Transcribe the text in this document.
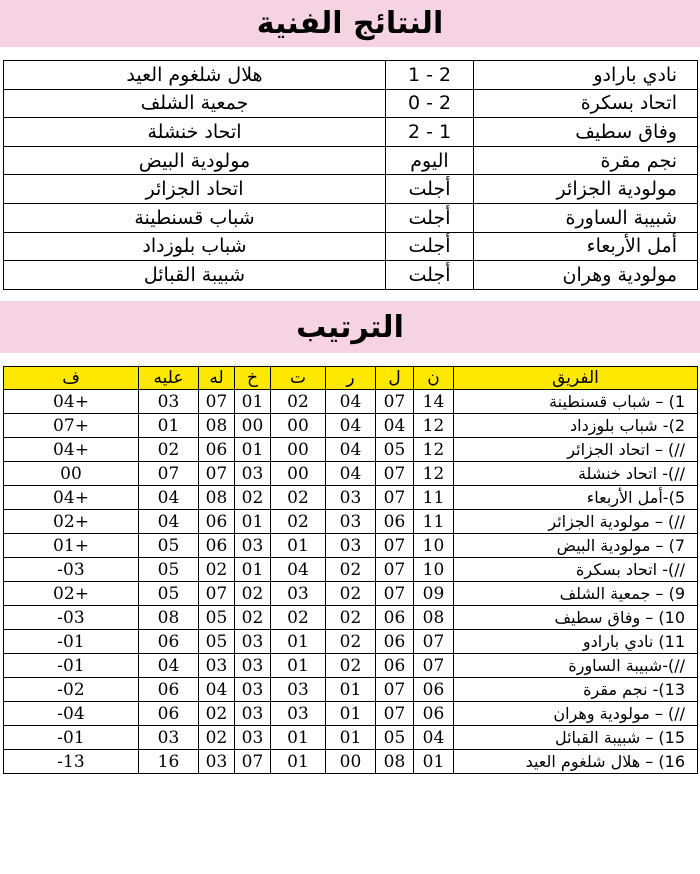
النتائج الفنية
نادي بارادو	2 - 1	هلال شلغوم العيد
اتحاد بسكرة	2 - 0	جمعية الشلف
وفاق سطيف	1 - 2	اتحاد خنشلة
نجم مقرة	اليوم	مولودية البيض
مولودية الجزائر	أجلت	اتحاد الجزائر
شبيبة الساورة	أجلت	شباب قسنطينة
أمل الأربعاء	أجلت	شباب بلوزداد
مولودية وهران	أجلت	شبيبة القبائل
الترتيب
الفريق	ن	ل	ر	ت	خ	له	عليه	ف
1) – شباب قسنطينة	14	07	04	02	01	07	03	+04
2)- شباب بلوزداد	12	04	04	00	00	08	01	+07
//) – اتحاد الجزائر	12	05	04	00	01	06	02	+04
//)- اتحاد خنشلة	12	07	04	00	03	07	07	00
5)-أمل الأربعاء	11	07	03	02	02	08	04	+04
//) – مولودية الجزائر	11	06	03	02	01	06	04	+02
7) – مولودية البيض	10	07	03	01	03	06	05	+01
//)- اتحاد بسكرة	10	07	02	04	01	02	05	03-
9) – جمعية الشلف	09	07	02	03	02	07	05	+02
10) – وفاق سطيف	08	06	02	02	02	05	08	03-
11) نادي بارادو	07	06	02	01	03	05	06	01-
//)-شبيبة الساورة	07	06	02	01	03	03	04	01-
13)- نجم مقرة	06	07	01	03	03	04	06	02-
//) – مولودية وهران	06	07	01	03	03	02	06	04-
15) – شبيبة القبائل	04	05	01	01	03	02	03	01-
16) – هلال شلغوم العيد	01	08	00	01	07	03	16	13-
